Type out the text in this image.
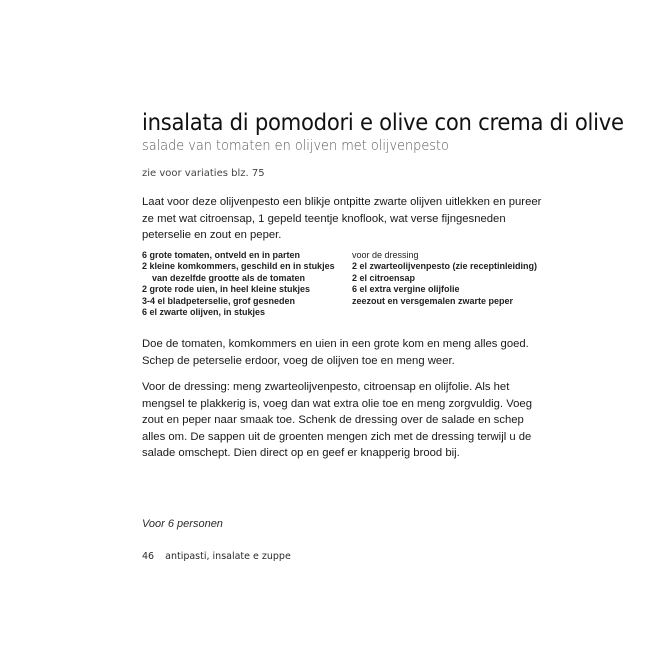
insalata di pomodori e olive con crema di olive
salade van tomaten en olijven met olijvenpesto
zie voor variaties blz. 75

Laat voor deze olijvenpesto een blikje ontpitte zwarte olijven uitlekken en pureer ze met wat citroensap, 1 gepeld teentje knoflook, wat verse fijngesneden peterselie en zout en peper.

6 grote tomaten, ontveld en in parten
2 kleine komkommers, geschild en in stukjes
van dezelfde grootte als de tomaten
2 grote rode uien, in heel kleine stukjes
3-4 el bladpeterselie, grof gesneden
6 el zwarte olijven, in stukjes
voor de dressing
2 el zwarteolijvenpesto (zie receptinleiding)
2 el citroensap
6 el extra vergine olijfolie
zeezout en versgemalen zwarte peper

Doe de tomaten, komkommers en uien in een grote kom en meng alles goed. Schep de peterselie erdoor, voeg de olijven toe en meng weer.

Voor de dressing: meng zwarteolijvenpesto, citroensap en olijfolie. Als het mengsel te plakkerig is, voeg dan wat extra olie toe en meng zorgvuldig. Voeg zout en peper naar smaak toe. Schenk de dressing over de salade en schep alles om. De sappen uit de groenten mengen zich met de dressing terwijl u de salade omschept. Dien direct op en geef er knapperig brood bij.

Voor 6 personen

46 antipasti, insalate e zuppe
